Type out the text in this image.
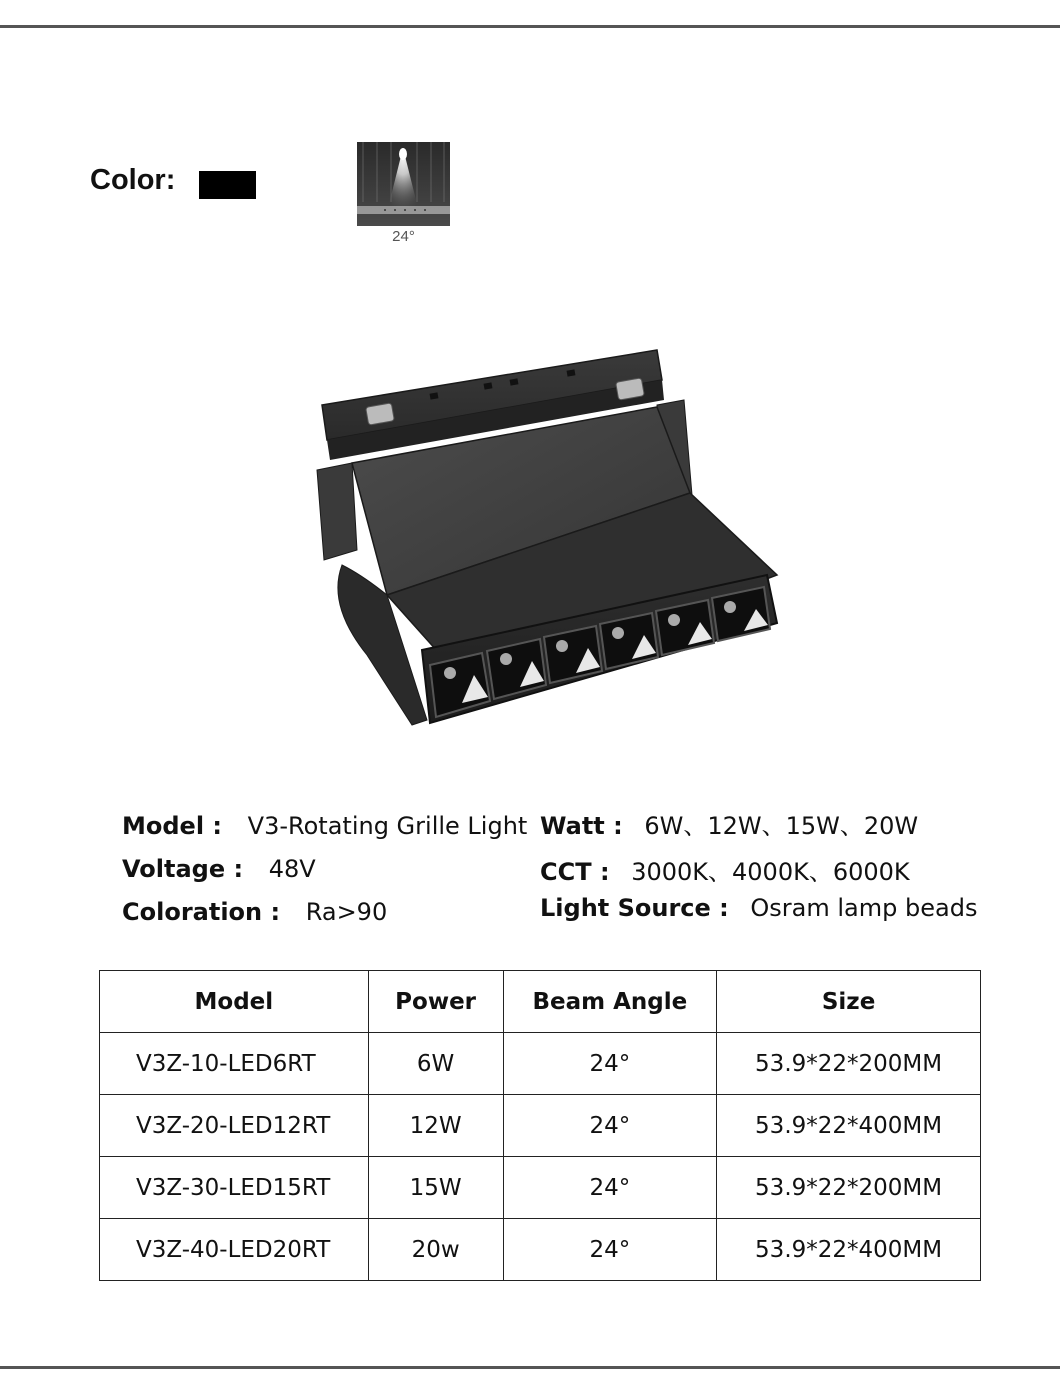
Color:
24°
Model : V3-Rotating Grille Light
Voltage : 48V
Coloration : Ra>90
Watt : 6W、12W、15W、20W
CCT : 3000K、4000K、6000K
Light Source : Osram lamp beads
Model	Power	Beam Angle	Size
V3Z-10-LED6RT	6W	24°	53.9*22*200MM
V3Z-20-LED12RT	12W	24°	53.9*22*400MM
V3Z-30-LED15RT	15W	24°	53.9*22*200MM
V3Z-40-LED20RT	20w	24°	53.9*22*400MM
